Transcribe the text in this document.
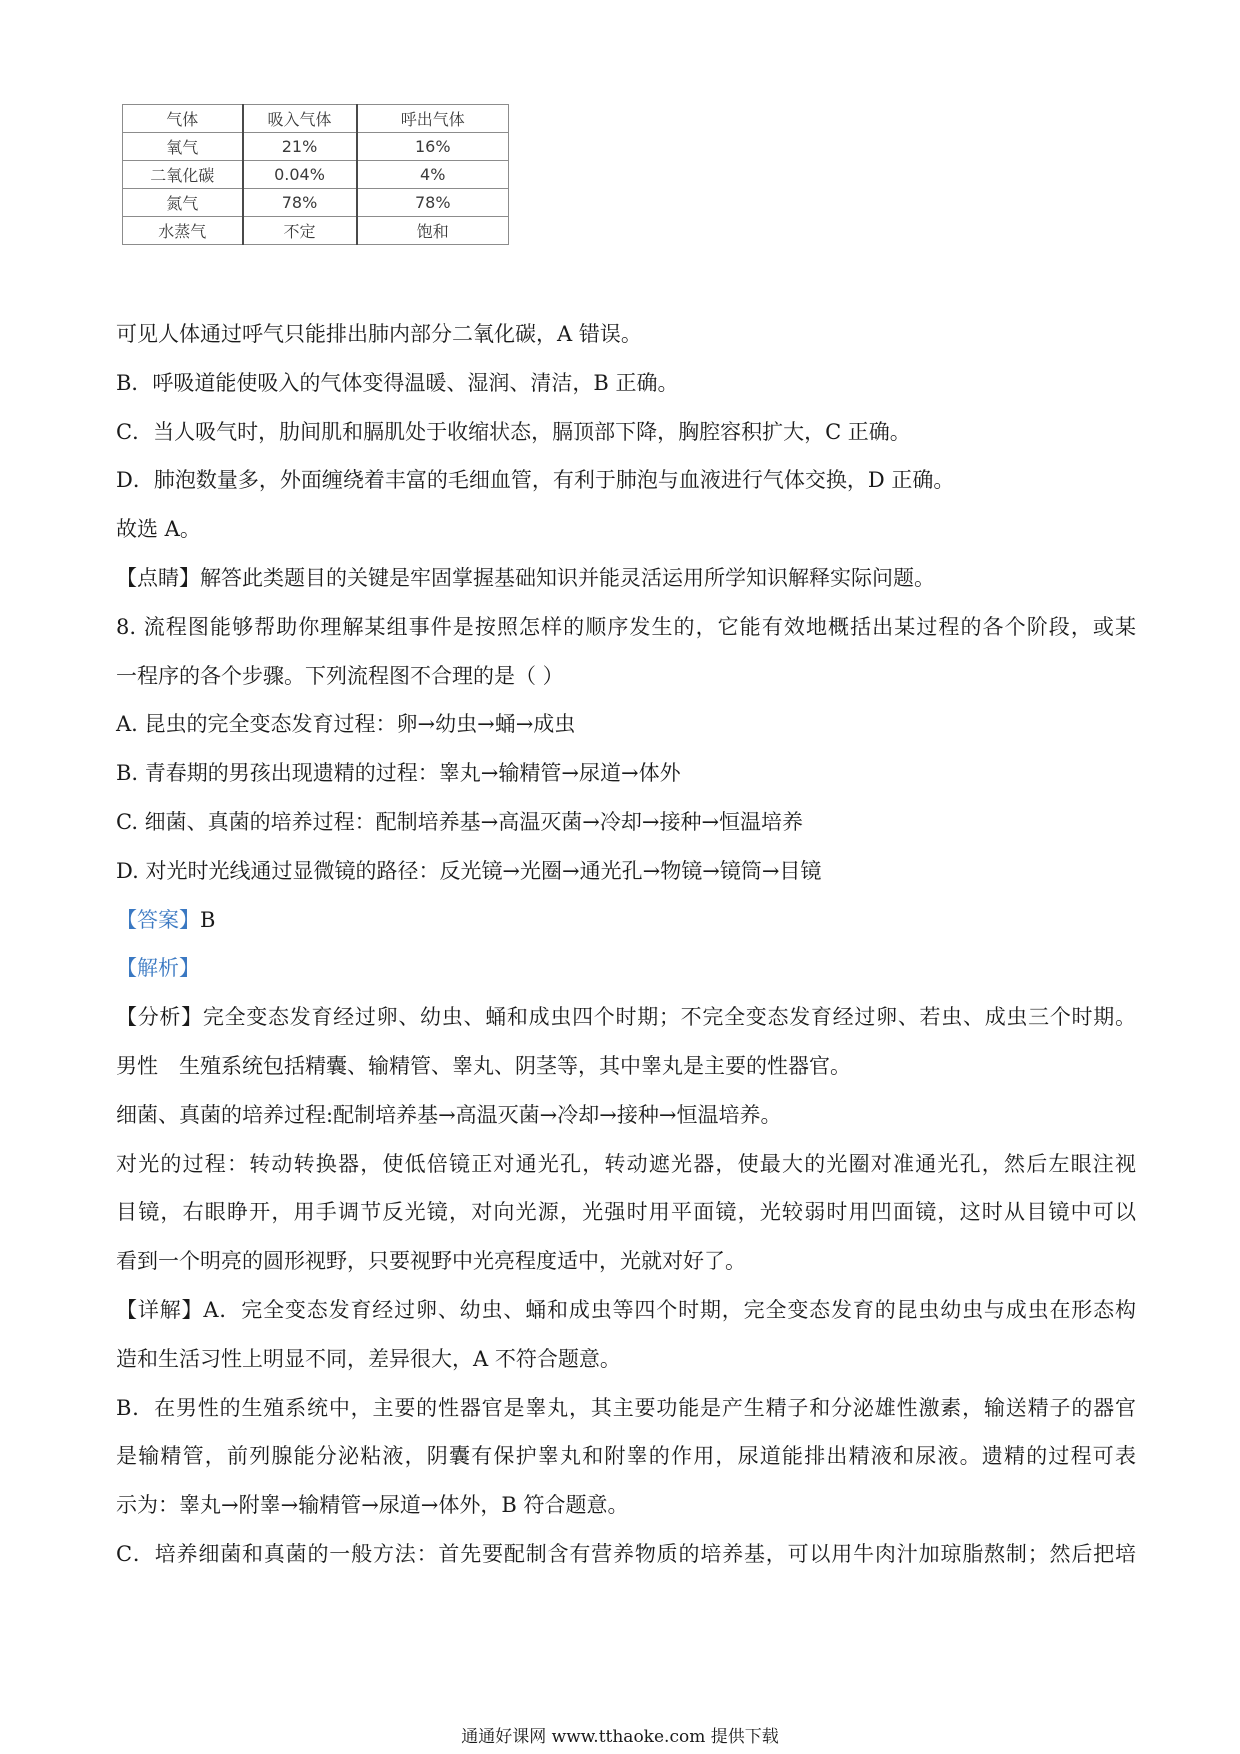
气体	吸入气体	呼出气体
氧气	21%	16%
二氧化碳	0.04%	4%
氮气	78%	78%
水蒸气	不定	饱和
可见人体通过呼气只能排出肺内部分二氧化碳，A 错误。
B．呼吸道能使吸入的气体变得温暖、湿润、清洁，B 正确。
C．当人吸气时，肋间肌和膈肌处于收缩状态，膈顶部下降，胸腔容积扩大，C 正确。
D．肺泡数量多，外面缠绕着丰富的毛细血管，有利于肺泡与血液进行气体交换，D 正确。
故选 A。
【点睛】解答此类题目的关键是牢固掌握基础知识并能灵活运用所学知识解释实际问题。
8. 流程图能够帮助你理解某组事件是按照怎样的顺序发生的，它能有效地概括出某过程的各个阶段，或某
一程序的各个步骤。下列流程图不合理的是（ ）
A. 昆虫的完全变态发育过程：卵→幼虫→蛹→成虫
B. 青春期的男孩出现遗精的过程：睾丸→输精管→尿道→体外
C. 细菌、真菌的培养过程：配制培养基→高温灭菌→冷却→接种→恒温培养
D. 对光时光线通过显微镜的路径：反光镜→光圈→通光孔→物镜→镜筒→目镜
【答案】B
【解析】
【分析】完全变态发育经过卵、幼虫、蛹和成虫四个时期；不完全变态发育经过卵、若虫、成虫三个时期。
男性　生殖系统包括精囊、输精管、睾丸、阴茎等，其中睾丸是主要的性器官。
细菌、真菌的培养过程:配制培养基→高温灭菌→冷却→接种→恒温培养。
对光的过程：转动转换器，使低倍镜正对通光孔，转动遮光器，使最大的光圈对准通光孔，然后左眼注视
目镜，右眼睁开，用手调节反光镜，对向光源，光强时用平面镜，光较弱时用凹面镜，这时从目镜中可以
看到一个明亮的圆形视野，只要视野中光亮程度适中，光就对好了。
【详解】A．完全变态发育经过卵、幼虫、蛹和成虫等四个时期，完全变态发育的昆虫幼虫与成虫在形态构
造和生活习性上明显不同，差异很大，A 不符合题意。
B．在男性的生殖系统中，主要的性器官是睾丸，其主要功能是产生精子和分泌雄性激素，输送精子的器官
是输精管，前列腺能分泌粘液，阴囊有保护睾丸和附睾的作用，尿道能排出精液和尿液。遗精的过程可表
示为：睾丸→附睾→输精管→尿道→体外，B 符合题意。
C．培养细菌和真菌的一般方法：首先要配制含有营养物质的培养基，可以用牛肉汁加琼脂熬制；然后把培
通通好课网 www.tthaoke.com 提供下载
